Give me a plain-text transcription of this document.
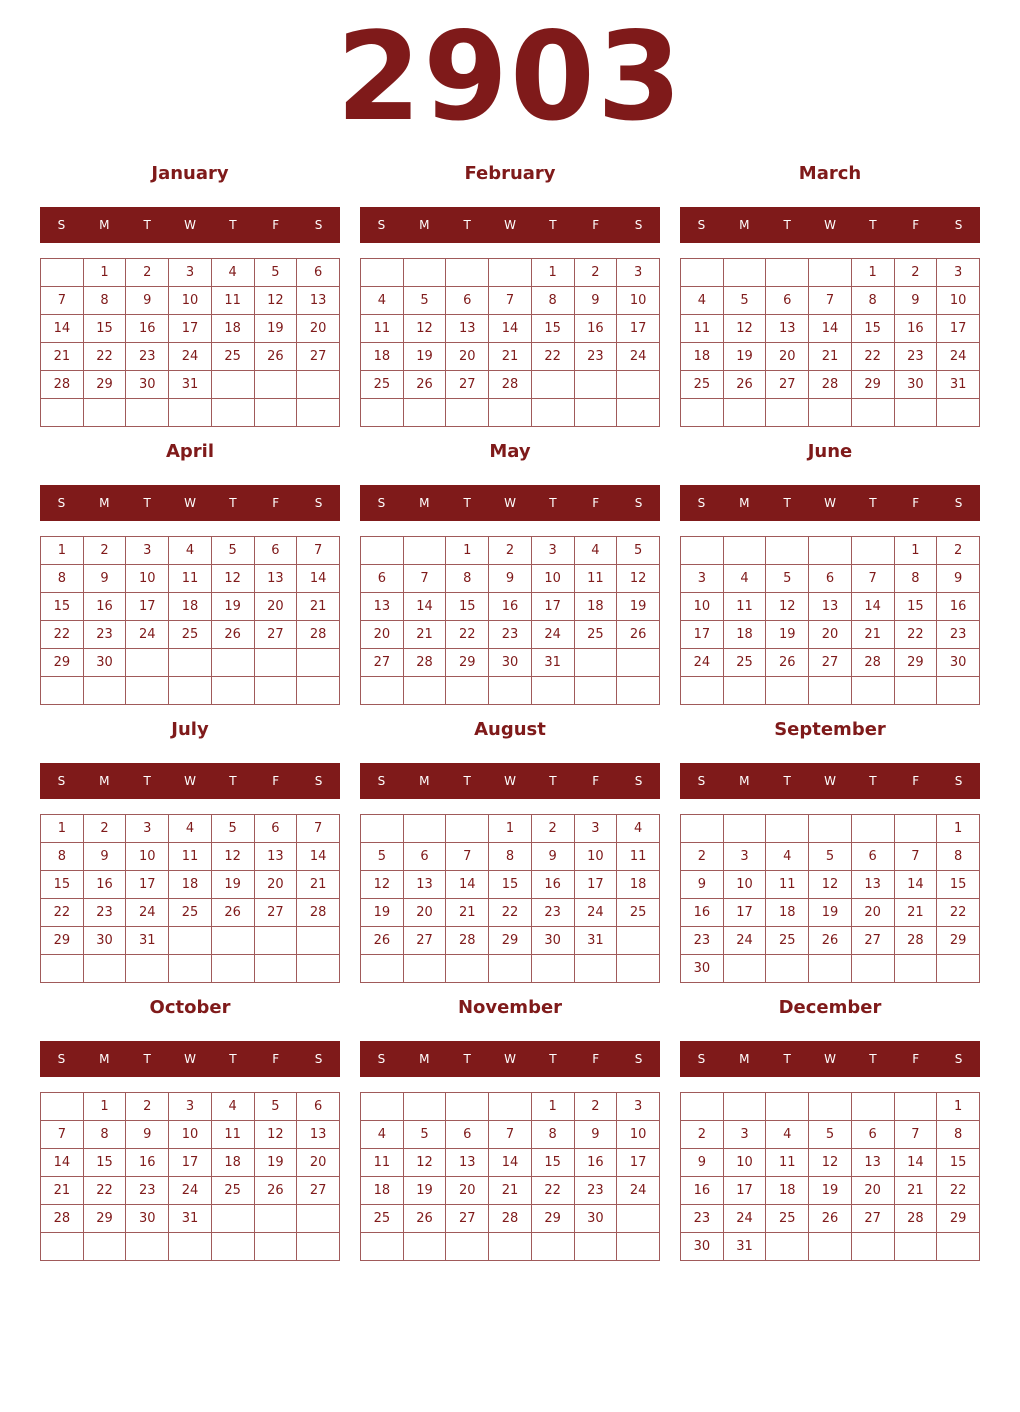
2903
January
S	M	T	W	T	F	S
	1	2	3	4	5	6
7	8	9	10	11	12	13
14	15	16	17	18	19	20
21	22	23	24	25	26	27
28	29	30	31			

February
S	M	T	W	T	F	S
				1	2	3
4	5	6	7	8	9	10
11	12	13	14	15	16	17
18	19	20	21	22	23	24
25	26	27	28			

March
S	M	T	W	T	F	S
				1	2	3
4	5	6	7	8	9	10
11	12	13	14	15	16	17
18	19	20	21	22	23	24
25	26	27	28	29	30	31

April
S	M	T	W	T	F	S
1	2	3	4	5	6	7
8	9	10	11	12	13	14
15	16	17	18	19	20	21
22	23	24	25	26	27	28
29	30					

May
S	M	T	W	T	F	S
		1	2	3	4	5
6	7	8	9	10	11	12
13	14	15	16	17	18	19
20	21	22	23	24	25	26
27	28	29	30	31		

June
S	M	T	W	T	F	S
					1	2
3	4	5	6	7	8	9
10	11	12	13	14	15	16
17	18	19	20	21	22	23
24	25	26	27	28	29	30

July
S	M	T	W	T	F	S
1	2	3	4	5	6	7
8	9	10	11	12	13	14
15	16	17	18	19	20	21
22	23	24	25	26	27	28
29	30	31				

August
S	M	T	W	T	F	S
			1	2	3	4
5	6	7	8	9	10	11
12	13	14	15	16	17	18
19	20	21	22	23	24	25
26	27	28	29	30	31	

September
S	M	T	W	T	F	S
						1
2	3	4	5	6	7	8
9	10	11	12	13	14	15
16	17	18	19	20	21	22
23	24	25	26	27	28	29
30						
October
S	M	T	W	T	F	S
	1	2	3	4	5	6
7	8	9	10	11	12	13
14	15	16	17	18	19	20
21	22	23	24	25	26	27
28	29	30	31			

November
S	M	T	W	T	F	S
				1	2	3
4	5	6	7	8	9	10
11	12	13	14	15	16	17
18	19	20	21	22	23	24
25	26	27	28	29	30	

December
S	M	T	W	T	F	S
						1
2	3	4	5	6	7	8
9	10	11	12	13	14	15
16	17	18	19	20	21	22
23	24	25	26	27	28	29
30	31					
